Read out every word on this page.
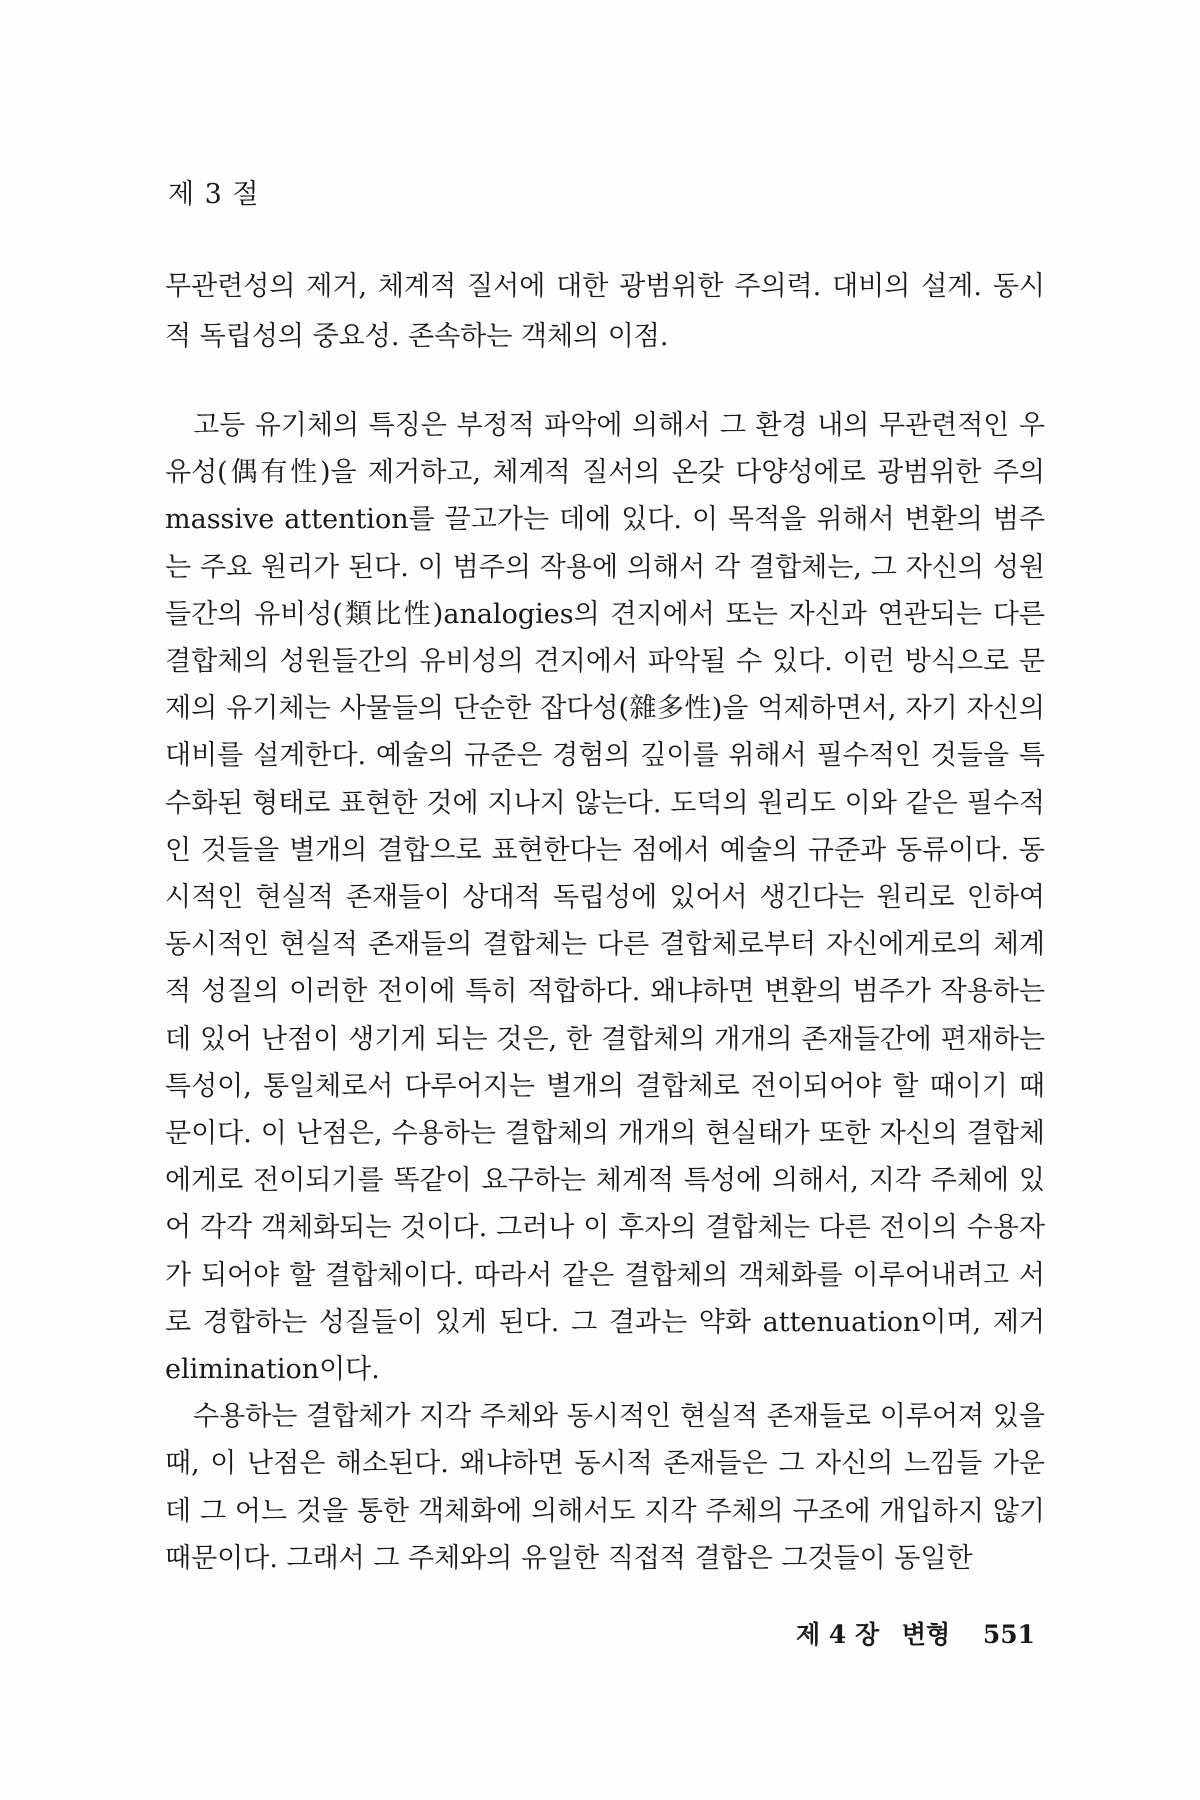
제 3 절

무관련성의 제거, 체계적 질서에 대한 광범위한 주의력. 대비의 설계. 동시적 독립성의 중요성. 존속하는 객체의 이점.

고등 유기체의 특징은 부정적 파악에 의해서 그 환경 내의 무관련적인 우유성(偶有性)을 제거하고, 체계적 질서의 온갖 다양성에로 광범위한 주의 massive attention를 끌고가는 데에 있다. 이 목적을 위해서 변환의 범주는 주요 원리가 된다. 이 범주의 작용에 의해서 각 결합체는, 그 자신의 성원들간의 유비성(類比性)analogies의 견지에서 또는 자신과 연관되는 다른 결합체의 성원들간의 유비성의 견지에서 파악될 수 있다. 이런 방식으로 문제의 유기체는 사물들의 단순한 잡다성(雜多性)을 억제하면서, 자기 자신의 대비를 설계한다. 예술의 규준은 경험의 깊이를 위해서 필수적인 것들을 특수화된 형태로 표현한 것에 지나지 않는다. 도덕의 원리도 이와 같은 필수적인 것들을 별개의 결합으로 표현한다는 점에서 예술의 규준과 동류이다. 동시적인 현실적 존재들이 상대적 독립성에 있어서 생긴다는 원리로 인하여 동시적인 현실적 존재들의 결합체는 다른 결합체로부터 자신에게로의 체계적 성질의 이러한 전이에 특히 적합하다. 왜냐하면 변환의 범주가 작용하는 데 있어 난점이 생기게 되는 것은, 한 결합체의 개개의 존재들간에 편재하는 특성이, 통일체로서 다루어지는 별개의 결합체로 전이되어야 할 때이기 때문이다. 이 난점은, 수용하는 결합체의 개개의 현실태가 또한 자신의 결합체에게로 전이되기를 똑같이 요구하는 체계적 특성에 의해서, 지각 주체에 있어 각각 객체화되는 것이다. 그러나 이 후자의 결합체는 다른 전이의 수용자가 되어야 할 결합체이다. 따라서 같은 결합체의 객체화를 이루어내려고 서로 경합하는 성질들이 있게 된다. 그 결과는 약화 attenuation이며, 제거 elimination이다.

수용하는 결합체가 지각 주체와 동시적인 현실적 존재들로 이루어져 있을 때, 이 난점은 해소된다. 왜냐하면 동시적 존재들은 그 자신의 느낌들 가운데 그 어느 것을 통한 객체화에 의해서도 지각 주체의 구조에 개입하지 않기 때문이다. 그래서 그 주체와의 유일한 직접적 결합은 그것들이 동일한

제 4 장 변형 551
